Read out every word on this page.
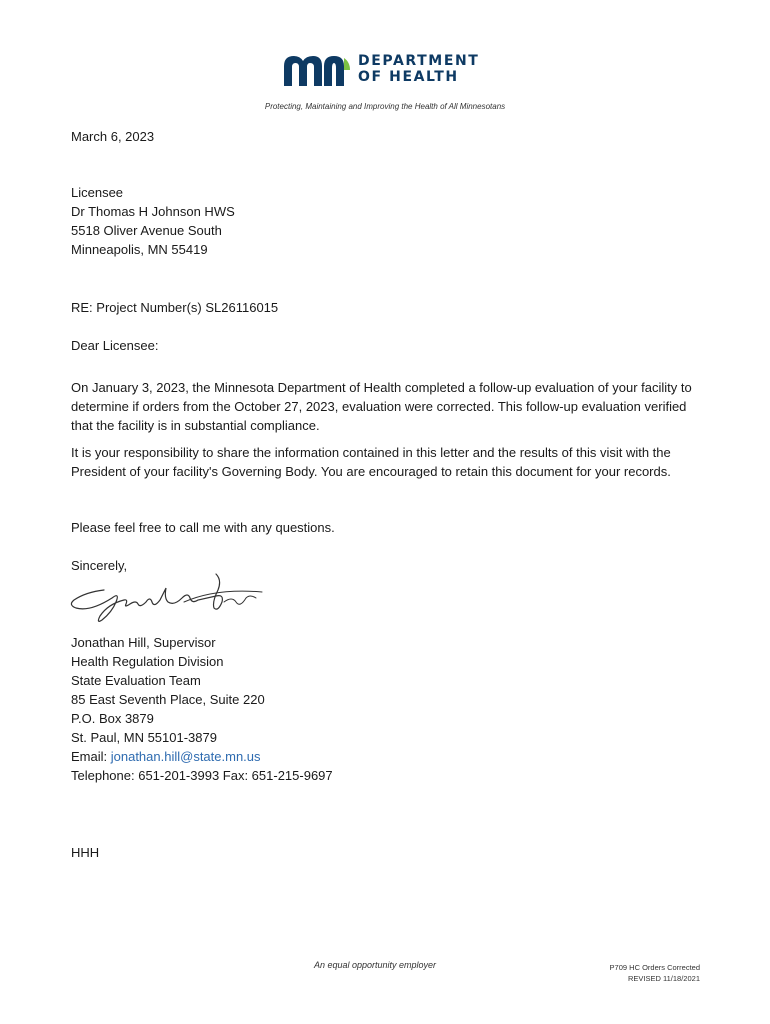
DEPARTMENT
OF HEALTH
Protecting, Maintaining and Improving the Health of All Minnesotans
March 6, 2023
Licensee
Dr Thomas H Johnson HWS
5518 Oliver Avenue South
Minneapolis, MN 55419
RE: Project Number(s) SL26116015
Dear Licensee:
On January 3, 2023, the Minnesota Department of Health completed a follow-up evaluation of your facility to determine if orders from the October 27, 2023, evaluation were corrected. This follow-up evaluation verified that the facility is in substantial compliance.
It is your responsibility to share the information contained in this letter and the results of this visit with the President of your facility's Governing Body. You are encouraged to retain this document for your records.
Please feel free to call me with any questions.
Sincerely,
Jonathan Hill, Supervisor
Health Regulation Division
State Evaluation Team
85 East Seventh Place, Suite 220
P.O. Box 3879
St. Paul, MN 55101-3879
Email: jonathan.hill@state.mn.us
Telephone: 651-201-3993 Fax: 651-215-9697
HHH
An equal opportunity employer	P709 HC Orders Corrected
REVISED 11/18/2021
